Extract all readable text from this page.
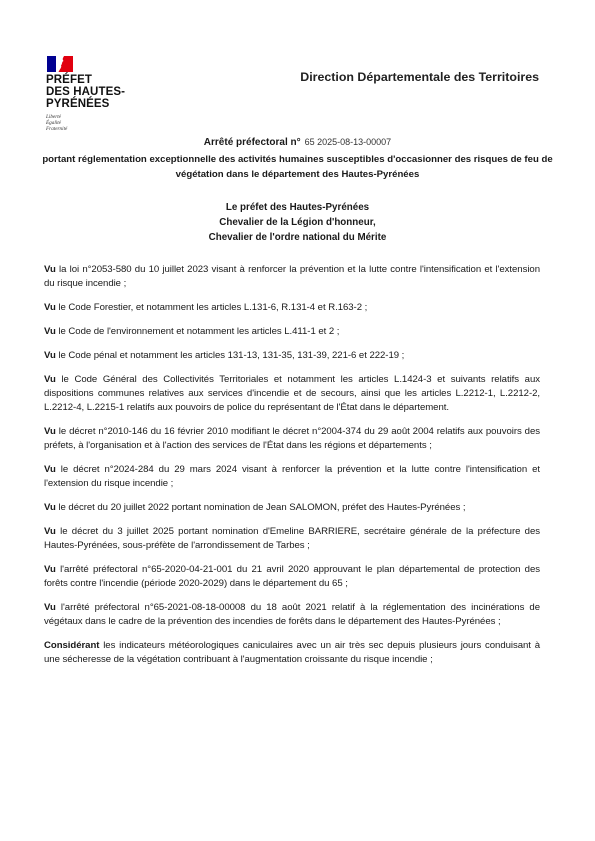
PRÉFET
DES HAUTES-
PYRÉNÉES
Liberté
Égalité
Fraternité
Direction Départementale des Territoires
Arrêté préfectoral n° 65 2025-08-13-00007
portant réglementation exceptionnelle des activités humaines susceptibles d'occasionner des risques de feu de végétation dans le département des Hautes-Pyrénées
Le préfet des Hautes-Pyrénées
Chevalier de la Légion d'honneur,
Chevalier de l'ordre national du Mérite

Vu la loi n°2053-580 du 10 juillet 2023 visant à renforcer la prévention et la lutte contre l'intensification et l'extension du risque incendie ;

Vu le Code Forestier, et notamment les articles L.131-6, R.131-4 et R.163-2 ;

Vu le Code de l'environnement et notamment les articles L.411-1 et 2 ;

Vu le Code pénal et notamment les articles 131-13, 131-35, 131-39, 221-6 et 222-19 ;

Vu le Code Général des Collectivités Territoriales et notamment les articles L.1424-3 et suivants relatifs aux dispositions communes relatives aux services d'incendie et de secours, ainsi que les articles L.2212-1, L.2212-2, L.2212-4, L.2215-1 relatifs aux pouvoirs de police du représentant de l'État dans le département.

Vu le décret n°2010-146 du 16 février 2010 modifiant le décret n°2004-374 du 29 août 2004 relatifs aux pouvoirs des préfets, à l'organisation et à l'action des services de l'État dans les régions et départements ;

Vu le décret n°2024-284 du 29 mars 2024 visant à renforcer la prévention et la lutte contre l'intensification et l'extension du risque incendie ;

Vu le décret du 20 juillet 2022 portant nomination de Jean SALOMON, préfet des Hautes-Pyrénées ;

Vu le décret du 3 juillet 2025 portant nomination d'Emeline BARRIERE, secrétaire générale de la préfecture des Hautes-Pyrénées, sous-préfète de l'arrondissement de Tarbes ;

Vu l'arrêté préfectoral n°65-2020-04-21-001 du 21 avril 2020 approuvant le plan départemental de protection des forêts contre l'incendie (période 2020-2029) dans le département du 65 ;

Vu l'arrêté préfectoral n°65-2021-08-18-00008 du 18 août 2021 relatif à la réglementation des incinérations de végétaux dans le cadre de la prévention des incendies de forêts dans le département des Hautes-Pyrénées ;

Considérant les indicateurs météorologiques caniculaires avec un air très sec depuis plusieurs jours conduisant à une sécheresse de la végétation contribuant à l'augmentation croissante du risque incendie ;
